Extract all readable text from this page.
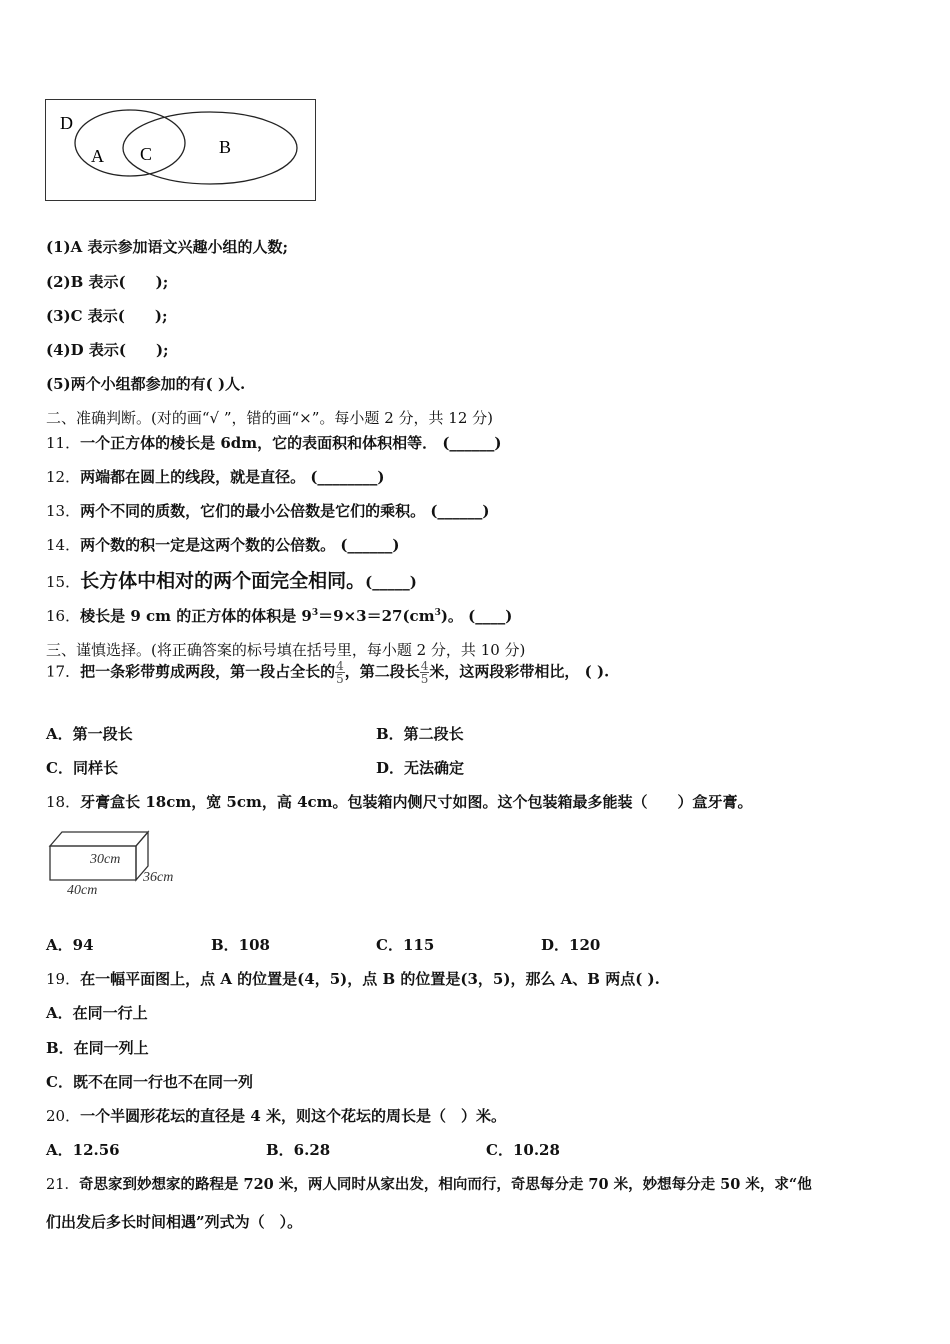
D
A C	B
(1)A 表示参加语文兴趣小组的人数;
(2)B 表示(　　);
(3)C 表示(　　);
(4)D 表示(　　);
(5)两个小组都参加的有( )人.
二、准确判断。(对的画“√ ”，错的画“×”。每小题 2 分，共 12 分)
11．一个正方体的棱长是 6dm，它的表面积和体积相等． (______)
12．两端都在圆上的线段，就是直径。 (________)
13．两个不同的质数，它们的最小公倍数是它们的乘积。 (______)
14．两个数的积一定是这两个数的公倍数。 (______)
15．长方体中相对的两个面完全相同。(_____)
16．棱长是 9 cm 的正方体的体积是 $9^3=9\times 3=27(cm^3)$。 (____)
三、谨慎选择。(将正确答案的标号填在括号里，每小题 2 分，共 10 分)
17．把一条彩带剪成两段，第一段占全长的 $\frac{4}{5}$ ，第二段长 $\frac{4}{5}$ 米，这两段彩带相比， ( ).
A．第一段长	B．第二段长
C．同样长	D．无法确定
18．牙膏盒长 18cm，宽 5cm，高 4cm。包装箱内侧尺寸如图。这个包装箱最多能装（　　）盒牙膏。
30cm
36cm
40cm
A．94	B．108	C．115	D．120
19．在一幅平面图上，点 A 的位置是(4，5)，点 B 的位置是(3，5)，那么 A、B 两点( ).
A．在同一行上
B．在同一列上
C．既不在同一行也不在同一列
20．一个半圆形花坛的直径是 4 米，则这个花坛的周长是（　）米。
A．12.56	B．6.28	C．10.28
21．奇思家到妙想家的路程是 720 米，两人同时从家出发，相向而行，奇思每分走 70 米，妙想每分走 50 米，求“他
们出发后多长时间相遇”列式为（　）。
